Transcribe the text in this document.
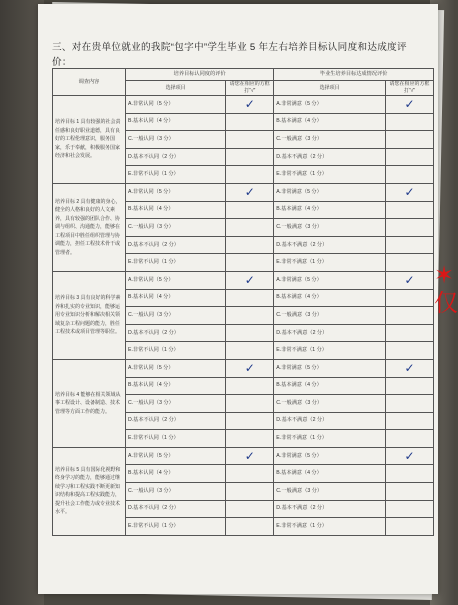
三、对在贵单位就业的我院“包字中”学生毕业 5 年左右培养目标认同度和达成度评价：
调查内容	培养目标认同度的评价		毕业生培养目标达成情况评价	
	选择项目	请您在相应的方框打“√”	选择项目	请您在相应的方框打“√”
培养目标 1 具有较强的社会责任感和良好职业道德，具有良好的工程伦理意识，服务国家，乐于奉献，积极服务国家经济和社会发展。	A.非常认同（5 分）	✓	A.非常满意（5 分）	✓

	B.基本认同（4 分）		B.基本满意（4 分）	

	C.一般认同（3 分）		C.一般满意（3 分）	

	D.基本不认同（2 分）		D.基本不满意（2 分）	

	E.非常不认同（1 分）		E.非常不满意（1 分）	

培养目标 2 具有健康的身心，健全的人格和良好的人文素养，具有较强的团队合作、协调与组织、沟通能力，能够在工程项目中胜任组织管理与协调能力，担任工程技术骨干或管理者。	A.非常认同（5 分）	✓	A.非常满意（5 分）	✓

	B.基本认同（4 分）		B.基本满意（4 分）	

	C.一般认同（3 分）		C.一般满意（3 分）	

	D.基本不认同（2 分）		D.基本不满意（2 分）	

	E.非常不认同（1 分）		E.非常不满意（1 分）	

培养目标 3 具有良好的科学素养和扎实的专业知识，能够运用专业知识分析和解决相关领域复杂工程问题的能力，胜任工程技术或项目管理等职位。	A.非常认同（5 分）	✓	A.非常满意（5 分）	✓

	B.基本认同（4 分）		B.基本满意（4 分）	

	C.一般认同（3 分）		C.一般满意（3 分）	

	D.基本不认同（2 分）		D.基本不满意（2 分）	

	E.非常不认同（1 分）		E.非常不满意（1 分）	

培养目标 4 能够在相关领域从事工程设计、设备制造、技术管理等方面工作的能力。	A.非常认同（5 分）	✓	A.非常满意（5 分）	✓

	B.基本认同（4 分）		B.基本满意（4 分）	

	C.一般认同（3 分）		C.一般满意（3 分）	

	D.基本不认同（2 分）		D.基本不满意（2 分）	

	E.非常不认同（1 分）		E.非常不满意（1 分）	

培养目标 5 具有国际化视野和终身学习的能力，能够通过继续学习和工程实践不断更新知识结构和提高工程实践能力，提升社会工作能力或专业技术水平。	A.非常认同（5 分）	✓	A.非常满意（5 分）	✓

	B.基本认同（4 分）		B.基本满意（4 分）	

	C.一般认同（3 分）		C.一般满意（3 分）	

	D.基本不认同（2 分）		D.基本不满意（2 分）	

	E.非常不认同（1 分）		E.非常不满意（1 分）	

✶
仅
